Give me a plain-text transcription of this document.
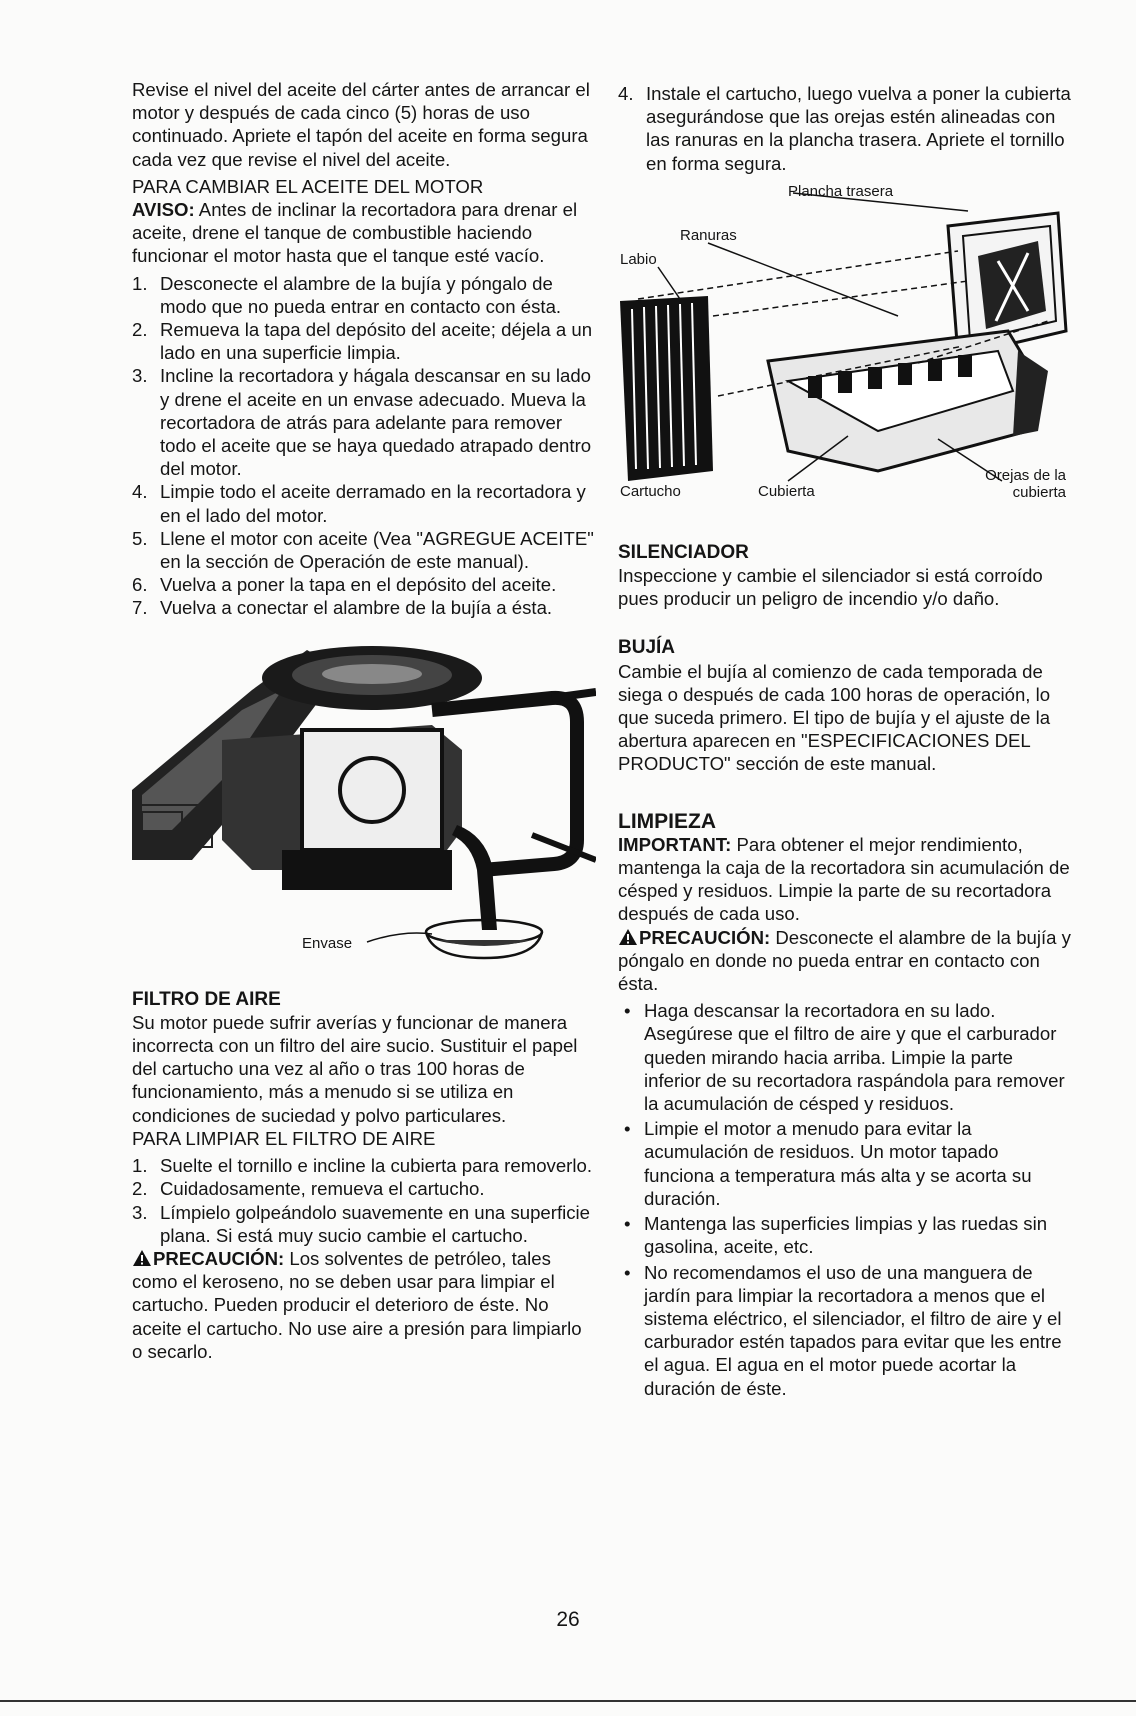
Revise el nivel del aceite del cárter antes de arrancar el motor y después de cada cinco (5) horas de uso continuado. Apriete el tapón del aceite en forma segura cada vez que revise el nivel del aceite.

PARA CAMBIAR EL ACEITE DEL MOTOR

AVISO: Antes de inclinar la recortadora para drenar el aceite, drene el tanque de combustible haciendo funcionar el motor hasta que el tanque esté vacío.

1. Desconecte el alambre de la bujía y póngalo de modo que no pueda entrar en contacto con ésta.
2. Remueva la tapa del depósito del aceite; déjela a un lado en una superficie limpia.
3. Incline la recortadora y hágala descansar en su lado y drene el aceite en un envase adecuado. Mueva la recortadora de atrás para adelante para remover todo el aceite que se haya quedado atrapado dentro del motor.
4. Limpie todo el aceite derramado en la recortadora y en el lado del motor.
5. Llene el motor con aceite (Vea "AGREGUE ACEITE" en la sección de Operación de este manual).
6. Vuelva a poner la tapa en el depósito del aceite.
7. Vuelva a conectar el alambre de la bujía a ésta.
Envase

FILTRO DE AIRE

Su motor puede sufrir averías y funcionar de manera incorrecta con un filtro del aire sucio. Sustituir el papel del cartucho una vez al año o tras 100 horas de funcionamiento, más a menudo si se utiliza en condiciones de suciedad y polvo particulares.

PARA LIMPIAR EL FILTRO DE AIRE

1. Suelte el tornillo e incline la cubierta para removerlo.
2. Cuidadosamente, remueva el cartucho.
3. Límpielo golpeándolo suavemente en una superficie plana. Si está muy sucio cambie el cartucho.

PRECAUCIÓN: Los solventes de petróleo, tales como el keroseno, no se deben usar para limpiar el cartucho. Pueden producir el deterioro de éste. No aceite el cartucho. No use aire a presión para limpiarlo o secarlo.

4. Instale el cartucho, luego vuelva a poner la cubierta asegurándose que las orejas estén alineadas con las ranuras en la plancha trasera. Apriete el tornillo en forma segura.
Plancha trasera
Ranuras
Labio
Cartucho	Cubierta
Orejas de la cubierta

SILENCIADOR

Inspeccione y cambie el silenciador si está corroído pues producir un peligro de incendio y/o daño.

BUJÍA

Cambie el bujía al comienzo de cada temporada de siega o después de cada 100 horas de operación, lo que suceda primero. El tipo de bujía y el ajuste de la abertura aparecen en "ESPECIFICACIONES DEL PRODUCTO" sección de este manual.

LIMPIEZA

IMPORTANT: Para obtener el mejor rendimiento, mantenga la caja de la recortadora sin acumulación de césped y residuos. Limpie la parte de su recortadora después de cada uso.

PRECAUCIÓN: Desconecte el alambre de la bujía y póngalo en donde no pueda entrar en contacto con ésta.

• Haga descansar la recortadora en su lado. Asegúrese que el filtro de aire y que el carburador queden mirando hacia arriba. Limpie la parte inferior de su recortadora raspándola para remover la acumulación de césped y residuos.
• Limpie el motor a menudo para evitar la acumulación de residuos. Un motor tapado funciona a temperatura más alta y se acorta su duración.
• Mantenga las superficies limpias y las ruedas sin gasolina, aceite, etc.
• No recomendamos el uso de una manguera de jardín para limpiar la recortadora a menos que el sistema eléctrico, el silenciador, el filtro de aire y el carburador estén tapados para evitar que les entre el agua. El agua en el motor puede acortar la duración de éste.
26
